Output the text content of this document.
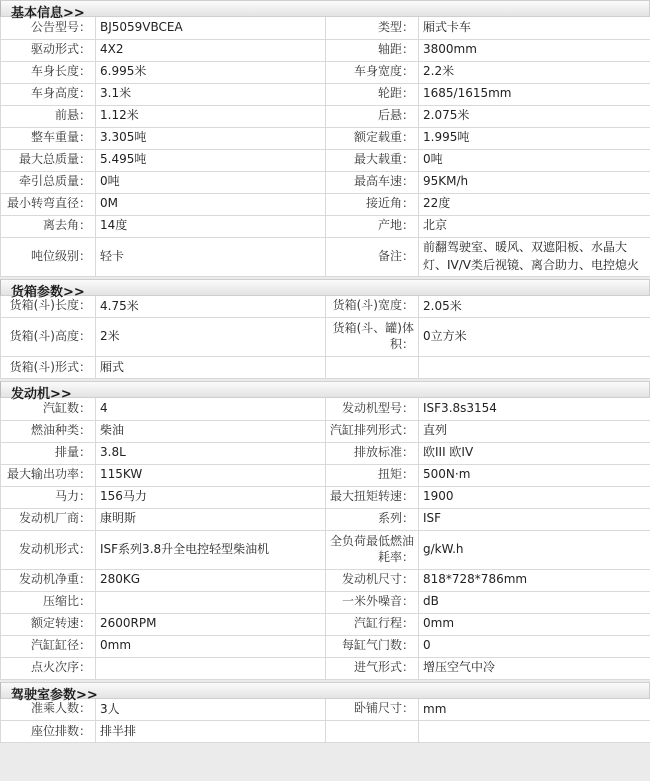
基本信息>>
公告型号：	BJ5059VBCEA	类型：	厢式卡车
驱动形式：	4X2	轴距：	3800mm
车身长度：	6.995米	车身宽度：	2.2米
车身高度：	3.1米	轮距：	1685/1615mm
前悬：	1.12米	后悬：	2.075米
整车重量：	3.305吨	额定载重：	1.995吨
最大总质量：	5.495吨	最大载重：	0吨
牵引总质量：	0吨	最高车速：	95KM/h
最小转弯直径：	0M	接近角：	22度
离去角：	14度	产地：	北京
吨位级别：	轻卡	备注：	前翻驾驶室、暖风、双遮阳板、水晶大灯、IV/V类后视镜、离合助力、电控熄火
货箱参数>>
货箱(斗)长度：	4.75米	货箱(斗)宽度：	2.05米
货箱(斗)高度：	2米	货箱(斗、罐)体积：	0立方米
货箱(斗)形式：	厢式		
发动机>>
汽缸数：	4	发动机型号：	ISF3.8s3154
燃油种类：	柴油	汽缸排列形式：	直列
排量：	3.8L	排放标准：	欧III 欧IV
最大输出功率：	115KW	扭矩：	500N·m
马力：	156马力	最大扭矩转速：	1900
发动机厂商：	康明斯	系列：	ISF
发动机形式：	ISF系列3.8升全电控轻型柴油机	全负荷最低燃油耗率：	g/kW.h
发动机净重：	280KG	发动机尺寸：	818*728*786mm
压缩比：		一米外噪音：	dB
额定转速：	2600RPM	汽缸行程：	0mm
汽缸缸径：	0mm	每缸气门数：	0
点火次序：		进气形式：	增压空气中冷
驾驶室参数>>
准乘人数：	3人	卧铺尺寸：	mm
座位排数：	排半排		
